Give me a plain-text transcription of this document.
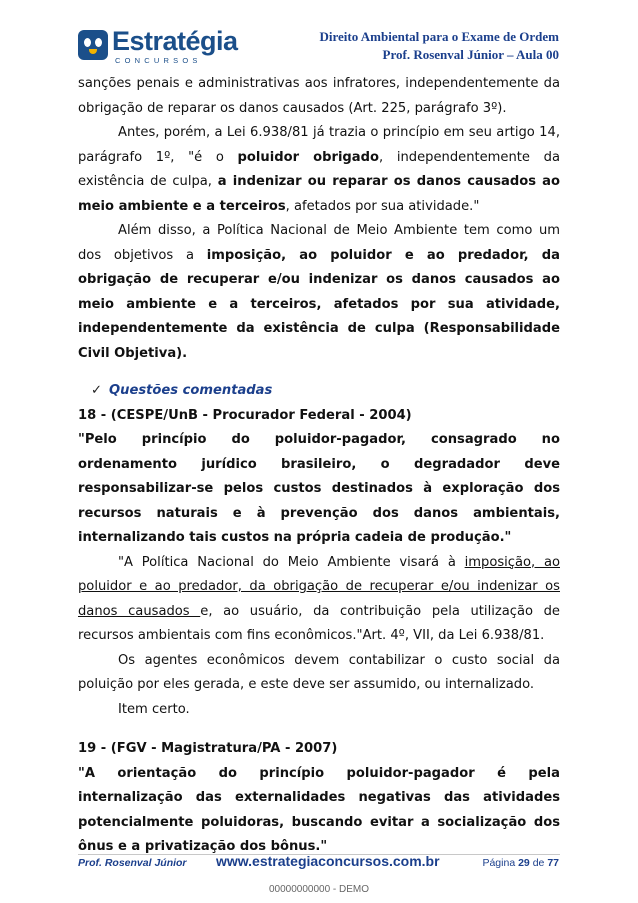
Estratégia
CONCURSOS
Direito Ambiental para o Exame de Ordem
Prof. Rosenval Júnior – Aula 00

sanções penais e administrativas aos infratores, independentemente da obrigação de reparar os danos causados (Art. 225, parágrafo 3º).

Antes, porém, a Lei 6.938/81 já trazia o princípio em seu artigo 14, parágrafo 1º, "é o poluidor obrigado, independentemente da existência de culpa, a indenizar ou reparar os danos causados ao meio ambiente e a terceiros, afetados por sua atividade."

Além disso, a Política Nacional de Meio Ambiente tem como um dos objetivos a imposição, ao poluidor e ao predador, da obrigação de recuperar e/ou indenizar os danos causados ao meio ambiente e a terceiros, afetados por sua atividade, independentemente da existência de culpa (Responsabilidade Civil Objetiva).

✓ Questões comentadas

18 - (CESPE/UnB - Procurador Federal - 2004)

"Pelo princípio do poluidor-pagador, consagrado no ordenamento jurídico brasileiro, o degradador deve responsabilizar-se pelos custos destinados à exploração dos recursos naturais e à prevenção dos danos ambientais, internalizando tais custos na própria cadeia de produção."

"A Política Nacional do Meio Ambiente visará à imposição, ao poluidor e ao predador, da obrigação de recuperar e/ou indenizar os danos causados e, ao usuário, da contribuição pela utilização de recursos ambientais com fins econômicos."Art. 4º, VII, da Lei 6.938/81.

Os agentes econômicos devem contabilizar o custo social da poluição por eles gerada, e este deve ser assumido, ou internalizado.

Item certo.

19 - (FGV - Magistratura/PA - 2007)

"A orientação do princípio poluidor-pagador é pela internalização das externalidades negativas das atividades potencialmente poluidoras, buscando evitar a socialização dos ônus e a privatização dos bônus."

Prof. Rosenval Júnior www.estrategiaconcursos.com.br	Página 29 de 77
00000000000 - DEMO
